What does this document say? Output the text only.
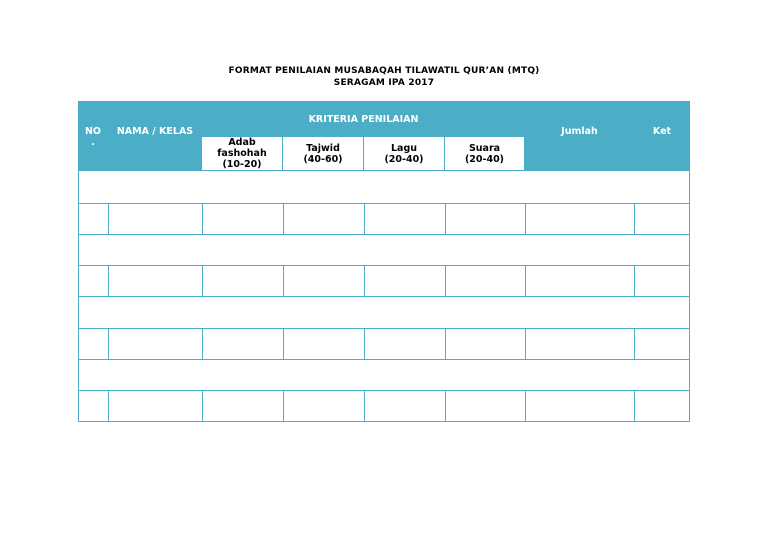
FORMAT PENILAIAN MUSABAQAH TILAWATIL QUR’AN (MTQ)
SERAGAM IPA 2017
NO
.
NAMA / KELAS
KRITERIA PENILAIAN
Jumlah	Ket
Adab
fashohah
(10-20)
Tajwid
(40-60)
Lagu
(20-40)
Suara
(20-40)
